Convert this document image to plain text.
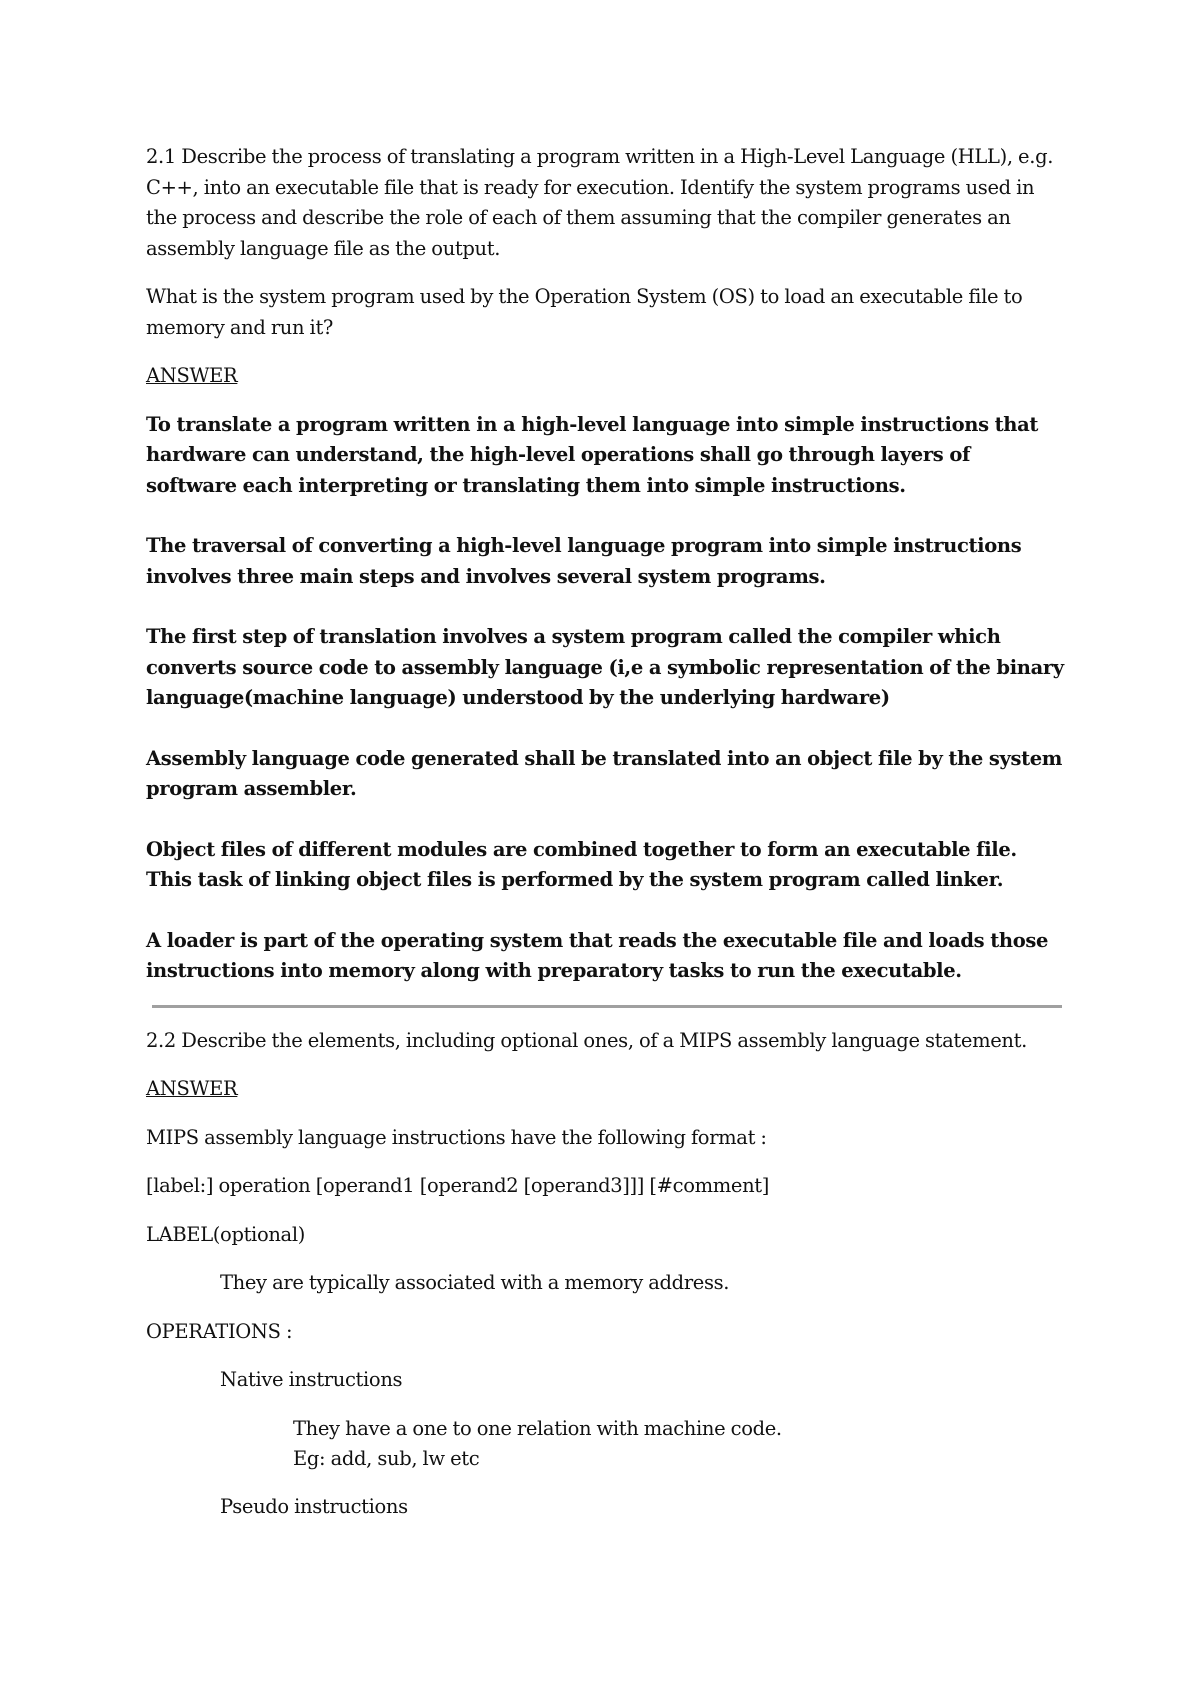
2.1 Describe the process of translating a program written in a High-Level Language (HLL), e.g. C++, into an executable file that is ready for execution. Identify the system programs used in the process and describe the role of each of them assuming that the compiler generates an assembly language file as the output.

What is the system program used by the Operation System (OS) to load an executable file to memory and run it?

ANSWER

To translate a program written in a high-level language into simple instructions that hardware can understand, the high-level operations shall go through layers of software each interpreting or translating them into simple instructions.

The traversal of converting a high-level language program into simple instructions involves three main steps and involves several system programs.

The first step of translation involves a system program called the compiler which converts source code to assembly language (i,e a symbolic representation of the binary language(machine language) understood by the underlying hardware)

Assembly language code generated shall be translated into an object file by the system program assembler.

Object files of different modules are combined together to form an executable file. This task of linking object files is performed by the system program called linker.

A loader is part of the operating system that reads the executable file and loads those instructions into memory along with preparatory tasks to run the executable.

2.2 Describe the elements, including optional ones, of a MIPS assembly language statement.

ANSWER

MIPS assembly language instructions have the following format :

[label:] operation [operand1 [operand2 [operand3]]] [#comment]

LABEL(optional)

They are typically associated with a memory address.

OPERATIONS :

Native instructions

They have a one to one relation with machine code.

Eg: add, sub, lw etc

Pseudo instructions
